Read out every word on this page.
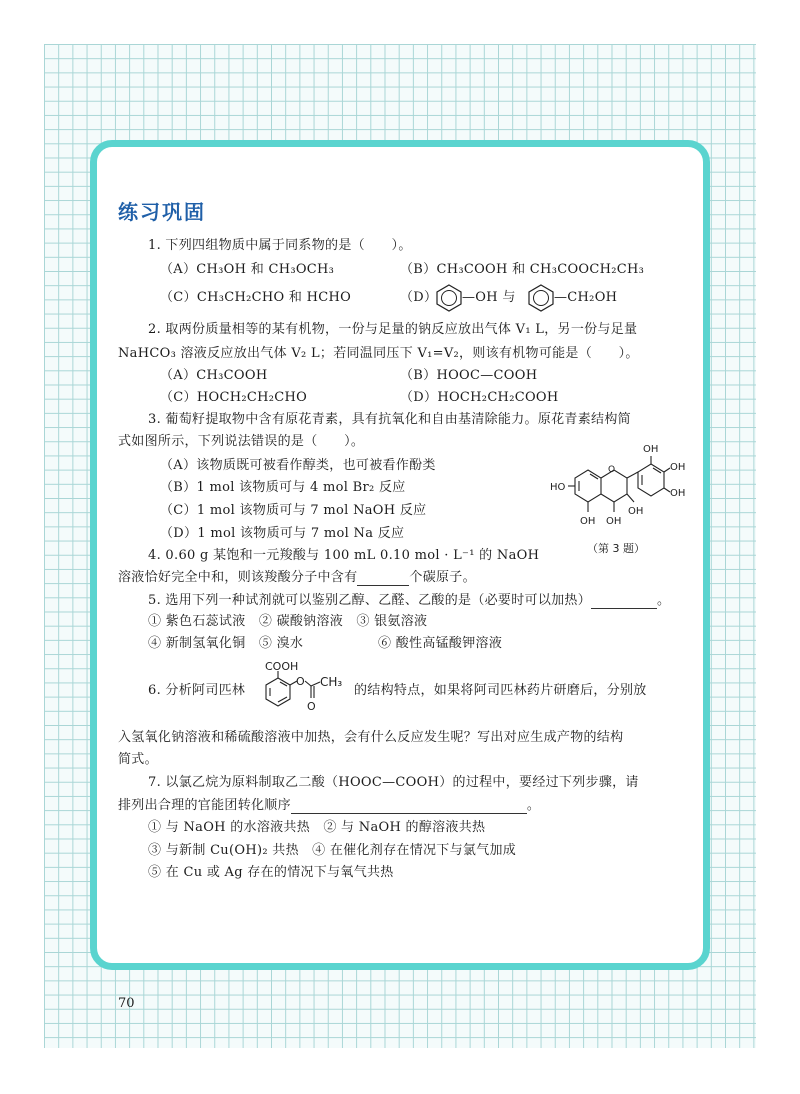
练习巩固
1. 下列四组物质中属于同系物的是（　　）。
（A）CH₃OH 和 CH₃OCH₃	（B）CH₃COOH 和 CH₃COOCH₂CH₃
（C）CH₃CH₂CHO 和 HCHO	（D） —OH 与	—CH₂OH
2. 取两份质量相等的某有机物，一份与足量的钠反应放出气体 V₁ L，另一份与足量
NaHCO₃ 溶液反应放出气体 V₂ L；若同温同压下 V₁=V₂，则该有机物可能是（　　）。
（A）CH₃COOH	（B）HOOC—COOH
（C）HOCH₂CH₂CHO	（D）HOCH₂CH₂COOH
3. 葡萄籽提取物中含有原花青素，具有抗氧化和自由基清除能力。原花青素结构简
式如图所示，下列说法错误的是（　　）。
（A）该物质既可被看作醇类，也可被看作酚类
（B）1 mol 该物质可与 4 mol Br₂ 反应
（C）1 mol 该物质可与 7 mol NaOH 反应
（D）1 mol 该物质可与 7 mol Na 反应
O
HO
OH OH
OH
OH
OH
OH
（第 3 题）
4. 0.60 g 某饱和一元羧酸与 100 mL 0.10 mol · L⁻¹ 的 NaOH
溶液恰好完全中和，则该羧酸分子中含有	个碳原子。
5. 选用下列一种试剂就可以鉴别乙醇、乙醛、乙酸的是（必要时可以加热）	。
① 紫色石蕊试液　② 碳酸钠溶液　③ 银氨溶液
④ 新制氢氧化铜　⑤ 溴水	⑥ 酸性高锰酸钾溶液
6. 分析阿司匹林
COOH
O CH₃
O
的结构特点，如果将阿司匹林药片研磨后，分别放
入氢氧化钠溶液和稀硫酸溶液中加热，会有什么反应发生呢？写出对应生成产物的结构
简式。
7. 以氯乙烷为原料制取乙二酸（HOOC—COOH）的过程中，要经过下列步骤，请
排列出合理的官能团转化顺序	。
① 与 NaOH 的水溶液共热　② 与 NaOH 的醇溶液共热
③ 与新制 Cu(OH)₂ 共热　④ 在催化剂存在情况下与氯气加成
⑤ 在 Cu 或 Ag 存在的情况下与氧气共热
70
